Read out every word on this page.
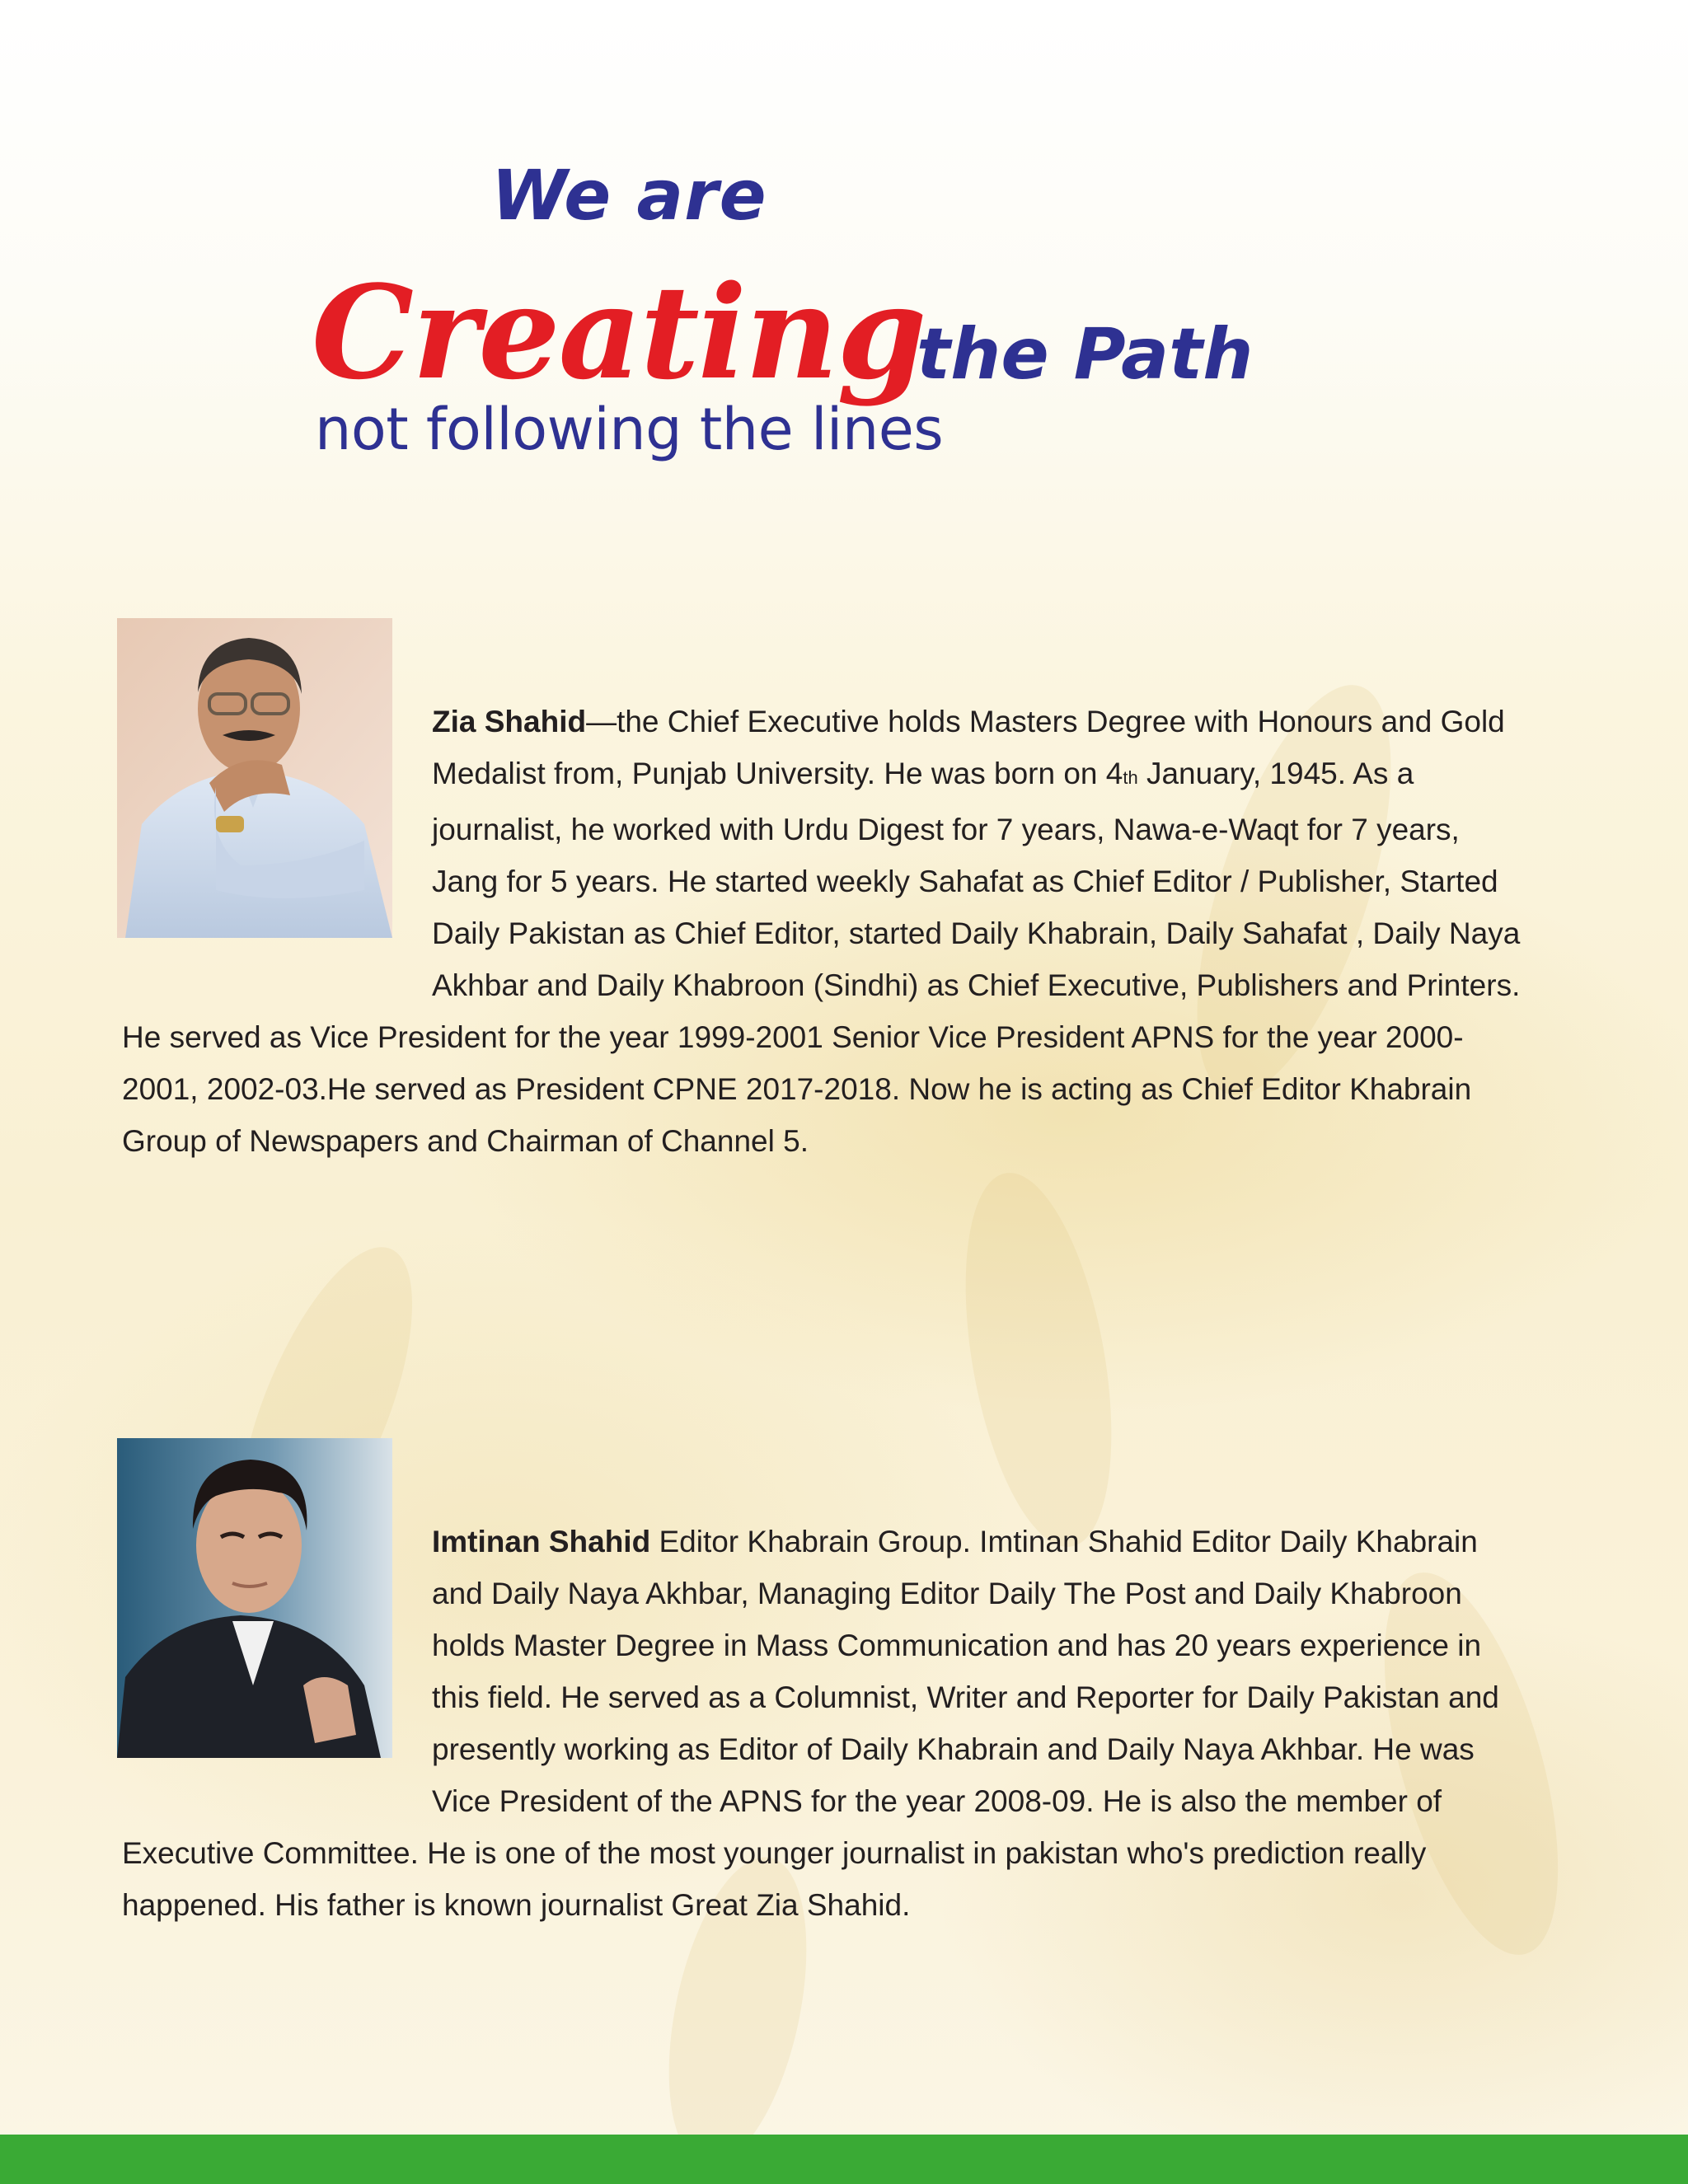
We are
Creating
the Path
not following the lines
Zia Shahid—the Chief Executive holds Masters Degree with Honours and Gold Medalist from, Punjab University. He was born on 4th January, 1945. As a journalist, he worked with Urdu Digest for 7 years, Nawa-e-Waqt for 7 years, Jang for 5 years. He started weekly Sahafat as Chief Editor / Publisher, Started Daily Pakistan as Chief Editor, started Daily Khabrain, Daily Sahafat , Daily Naya Akhbar and Daily Khabroon (Sindhi) as Chief Executive, Publishers and Printers. He served as Vice President for the year 1999-2001 Senior Vice President APNS for the year 2000-2001, 2002-03.He served as President CPNE 2017-2018. Now he is acting as Chief Editor Khabrain Group of Newspapers and Chairman of Channel 5.
Imtinan Shahid Editor Khabrain Group. Imtinan Shahid Editor Daily Khabrain and Daily Naya Akhbar, Managing Editor Daily The Post and Daily Khabroon holds Master Degree in Mass Communication and has 20 years experience in this field. He served as a Columnist, Writer and Reporter for Daily Pakistan and presently working as Editor of Daily Khabrain and Daily Naya Akhbar. He was Vice President of the APNS for the year 2008-09. He is also the member of Executive Committee. He is one of the most younger journalist in pakistan who's prediction really happened. His father is known journalist Great Zia Shahid.
